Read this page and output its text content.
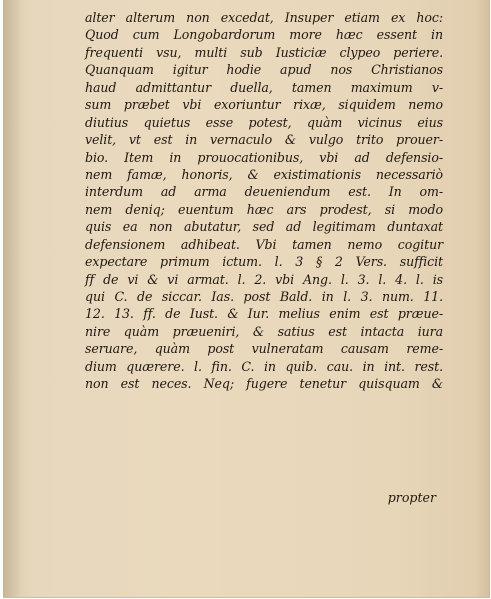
alter alterum non excedat, Insuper etiam ex hoc:
Quod cum Longobardorum more hæc essent in
frequenti vsu, multi sub Iusticiæ clypeo periere.
Quanquam igitur hodie apud nos Christianos
haud admittantur duella, tamen maximum v-
sum præbet vbi exoriuntur rixæ, siquidem nemo
diutius quietus esse potest, quàm vicinus eius
velit, vt est in vernaculo & vulgo trito prouer-
bio. Item in prouocationibus, vbi ad defensio-
nem famæ, honoris, & existimationis necessariò
interdum ad arma deueniendum est. In om-
nem deniq; euentum hæc ars prodest, si modo
quis ea non abutatur, sed ad legitimam duntaxat
defensionem adhibeat. Vbi tamen nemo cogitur
expectare primum ictum. l. 3 § 2 Vers. sufficit
ff de vi & vi armat. l. 2. vbi Ang. l. 3. l. 4. l. is
qui C. de siccar. Ias. post Bald. in l. 3. num. 11.
12. 13. ff. de Iust. & Iur. melius enim est præue-
nire quàm præueniri, & satius est intacta iura
seruare, quàm post vulneratam causam reme-
dium quærere. l. fin. C. in quib. cau. in int. rest.
non est neces. Neq; fugere tenetur quisquam &
propter
